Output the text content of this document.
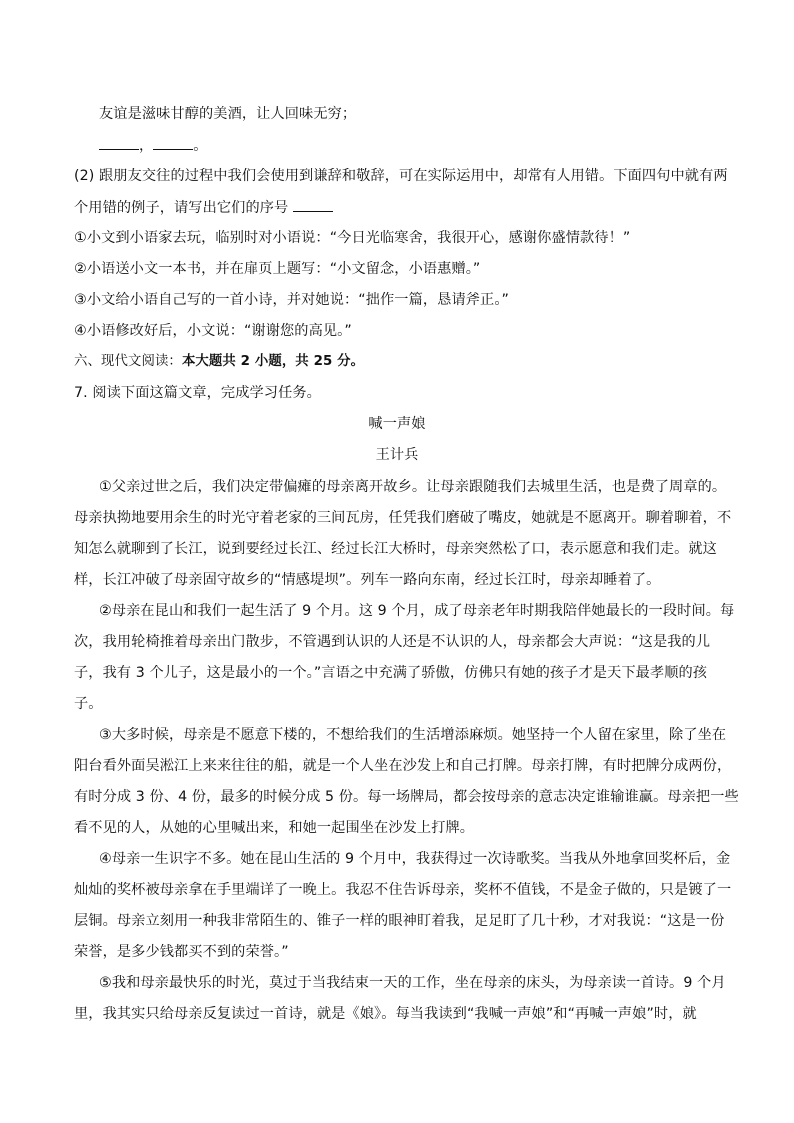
友谊是滋味甘醇的美酒，让人回味无穷；
，	。
(2) 跟朋友交往的过程中我们会使用到谦辞和敬辞，可在实际运用中，却常有人用错。下面四句中就有两
个用错的例子，请写出它们的序号
①小文到小语家去玩，临别时对小语说：“今日光临寒舍，我很开心，感谢你盛情款待！”
②小语送小文一本书，并在扉页上题写：“小文留念，小语惠赠。”
③小文给小语自己写的一首小诗，并对她说：“拙作一篇，恳请斧正。”
④小语修改好后，小文说：“谢谢您的高见。”
六、现代文阅读：本大题共 2 小题，共 25 分。
7. 阅读下面这篇文章，完成学习任务。
喊一声娘
王计兵
①父亲过世之后，我们决定带偏瘫的母亲离开故乡。让母亲跟随我们去城里生活，也是费了周章的。
母亲执拗地要用余生的时光守着老家的三间瓦房，任凭我们磨破了嘴皮，她就是不愿离开。聊着聊着，不
知怎么就聊到了长江，说到要经过长江、经过长江大桥时，母亲突然松了口，表示愿意和我们走。就这
样，长江冲破了母亲固守故乡的“情感堤坝”。列车一路向东南，经过长江时，母亲却睡着了。
②母亲在昆山和我们一起生活了 9 个月。这 9 个月，成了母亲老年时期我陪伴她最长的一段时间。每
次，我用轮椅推着母亲出门散步，不管遇到认识的人还是不认识的人，母亲都会大声说：“这是我的儿
子，我有 3 个儿子，这是最小的一个。”言语之中充满了骄傲，仿佛只有她的孩子才是天下最孝顺的孩
子。
③大多时候，母亲是不愿意下楼的，不想给我们的生活增添麻烦。她坚持一个人留在家里，除了坐在
阳台看外面吴淞江上来来往往的船，就是一个人坐在沙发上和自己打牌。母亲打牌，有时把牌分成两份，
有时分成 3 份、4 份，最多的时候分成 5 份。每一场牌局，都会按母亲的意志决定谁输谁赢。母亲把一些
看不见的人，从她的心里喊出来，和她一起围坐在沙发上打牌。
④母亲一生识字不多。她在昆山生活的 9 个月中，我获得过一次诗歌奖。当我从外地拿回奖杯后，金
灿灿的奖杯被母亲拿在手里端详了一晚上。我忍不住告诉母亲，奖杯不值钱，不是金子做的，只是镀了一
层铜。母亲立刻用一种我非常陌生的、锥子一样的眼神盯着我，足足盯了几十秒，才对我说：“这是一份
荣誉，是多少钱都买不到的荣誉。”
⑤我和母亲最快乐的时光，莫过于当我结束一天的工作，坐在母亲的床头，为母亲读一首诗。9 个月
里，我其实只给母亲反复读过一首诗，就是《娘》。每当我读到“我喊一声娘”和“再喊一声娘”时，就
